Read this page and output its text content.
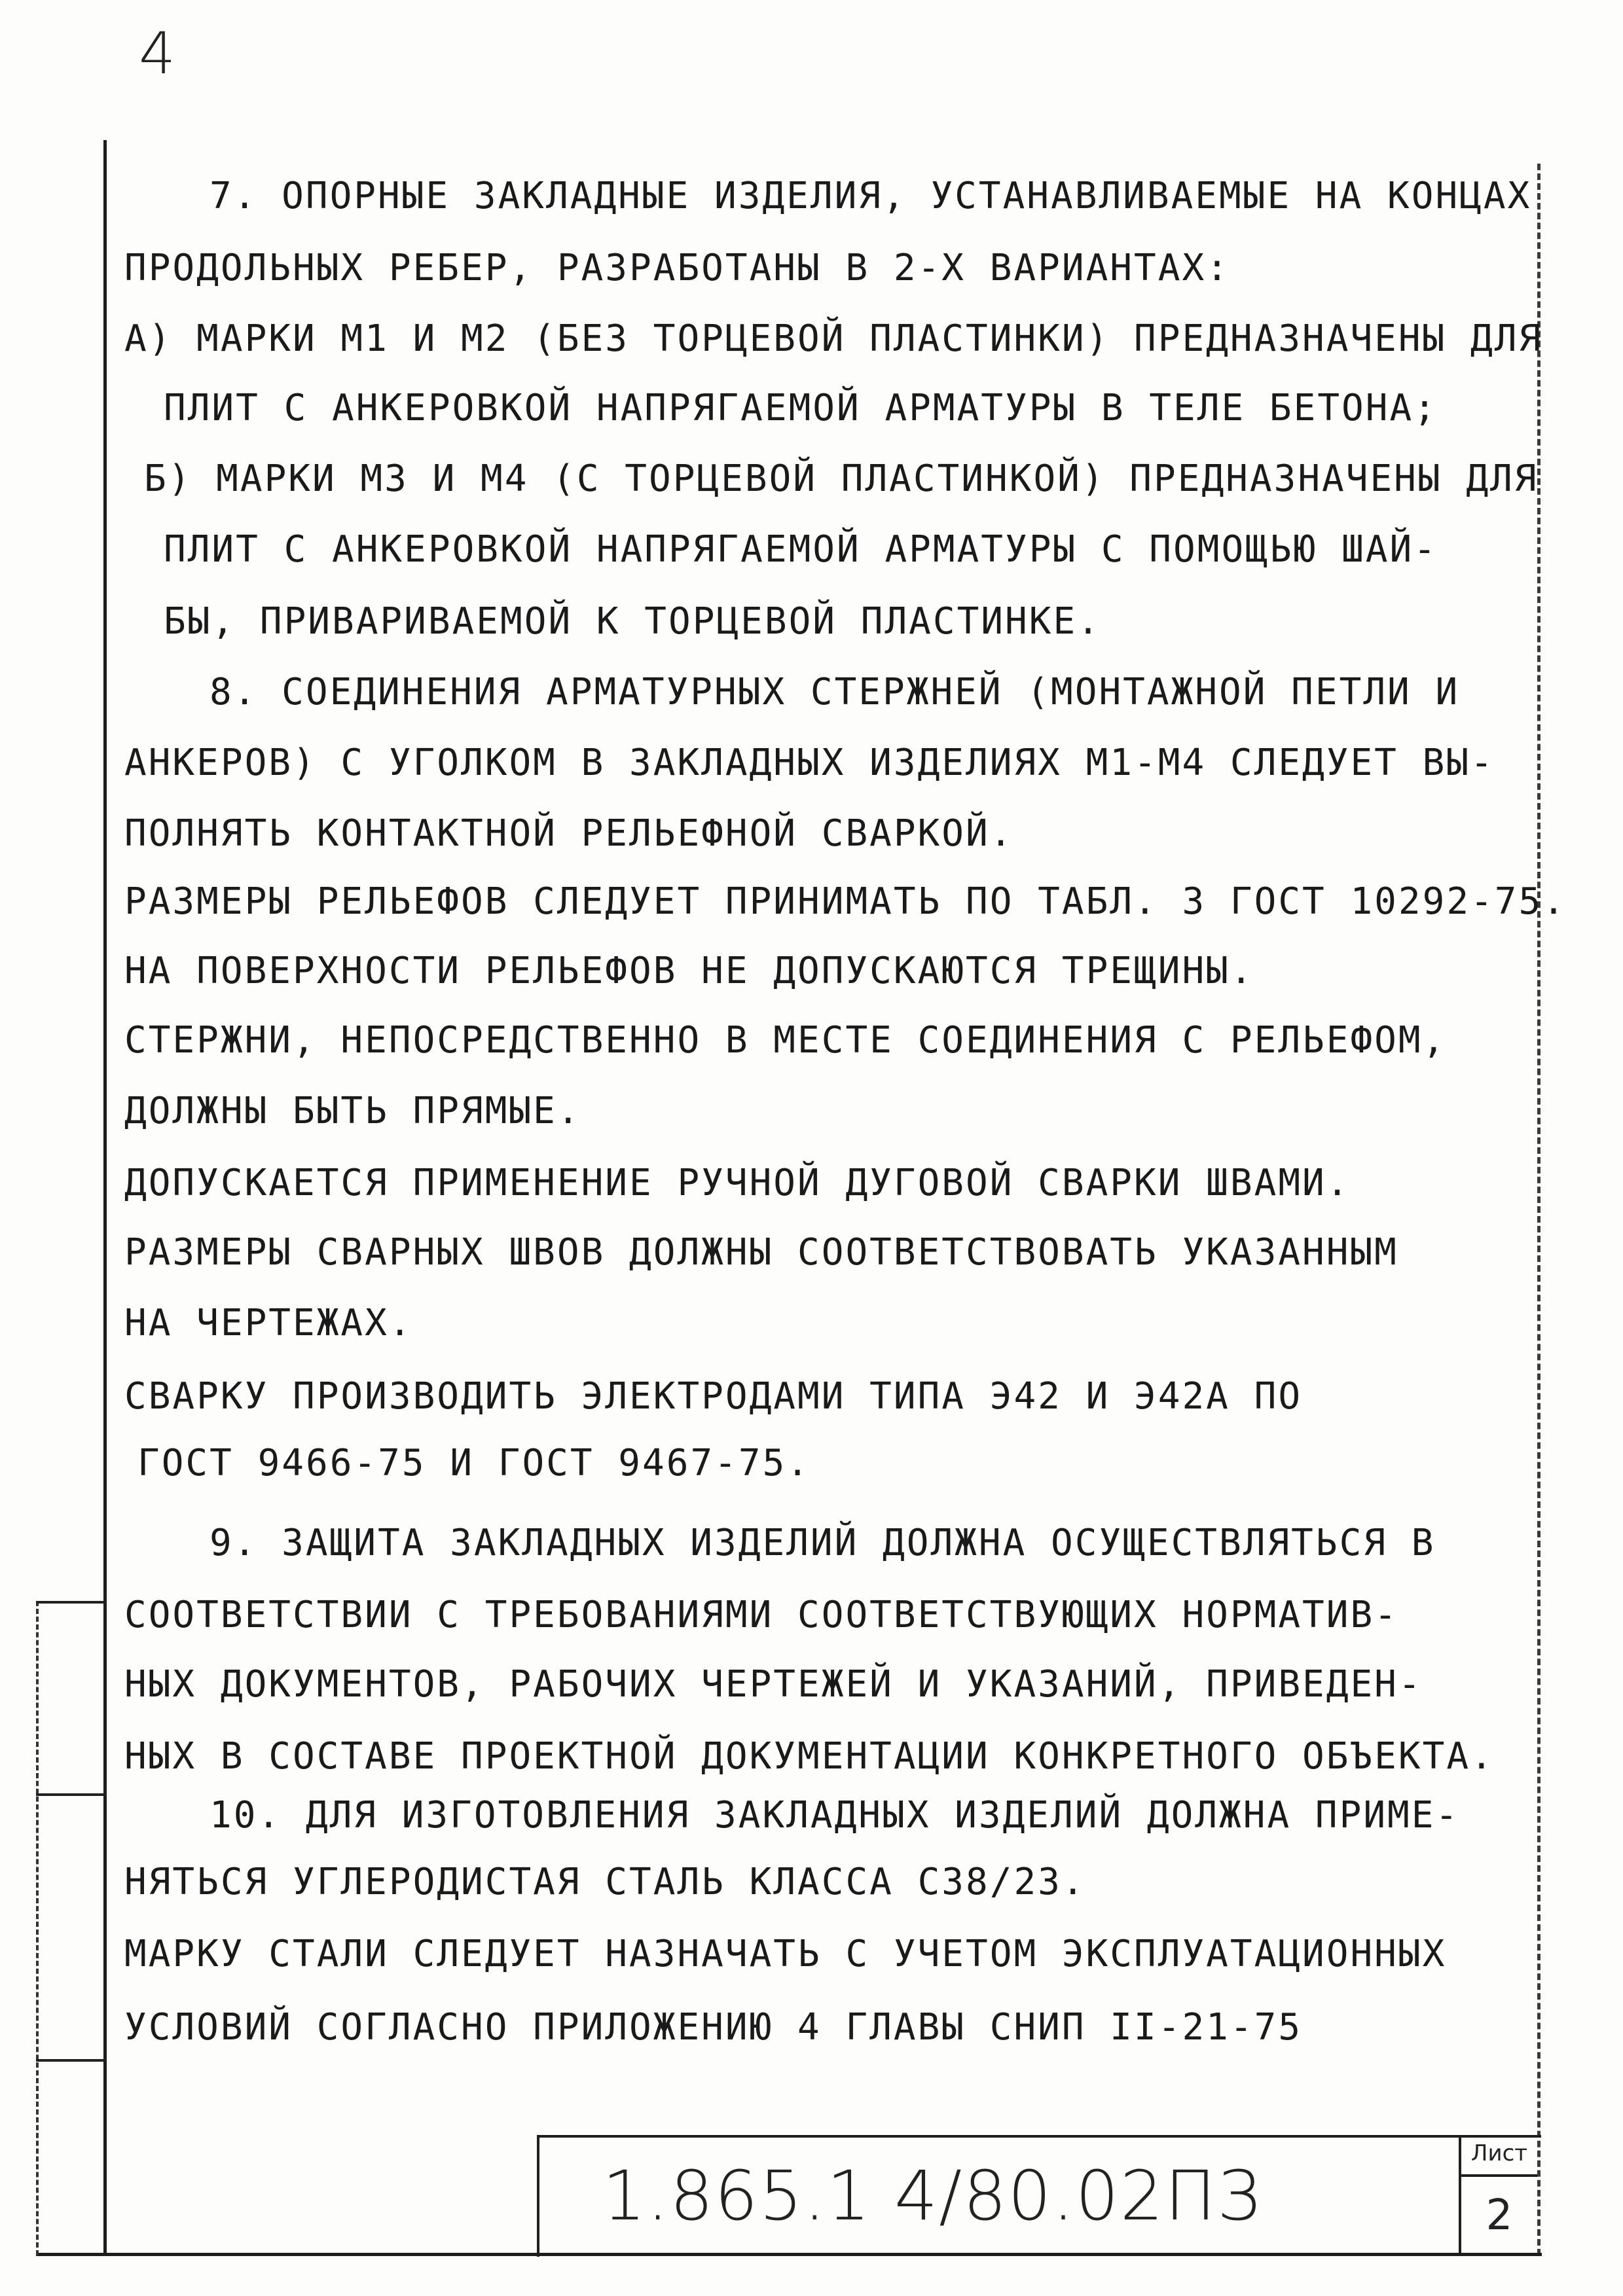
4
7. ОПОРНЫЕ ЗАКЛАДНЫЕ ИЗДЕЛИЯ, УСТАНАВЛИВАЕМЫЕ НА КОНЦАХ
ПРОДОЛЬНЫХ РЕБЕР, РАЗРАБОТАНЫ В 2-Х ВАРИАНТАХ:
А) МАРКИ М1 И М2 (БЕЗ ТОРЦЕВОЙ ПЛАСТИНКИ) ПРЕДНАЗНАЧЕНЫ ДЛЯ
ПЛИТ С АНКЕРОВКОЙ НАПРЯГАЕМОЙ АРМАТУРЫ В ТЕЛЕ БЕТОНА;
Б) МАРКИ М3 И М4 (С ТОРЦЕВОЙ ПЛАСТИНКОЙ) ПРЕДНАЗНАЧЕНЫ ДЛЯ
ПЛИТ С АНКЕРОВКОЙ НАПРЯГАЕМОЙ АРМАТУРЫ С ПОМОЩЬЮ ШАЙ-
БЫ, ПРИВАРИВАЕМОЙ К ТОРЦЕВОЙ ПЛАСТИНКЕ.
8. СОЕДИНЕНИЯ АРМАТУРНЫХ СТЕРЖНЕЙ (МОНТАЖНОЙ ПЕТЛИ И
АНКЕРОВ) С УГОЛКОМ В ЗАКЛАДНЫХ ИЗДЕЛИЯХ М1-М4 СЛЕДУЕТ ВЫ-
ПОЛНЯТЬ КОНТАКТНОЙ РЕЛЬЕФНОЙ СВАРКОЙ.
РАЗМЕРЫ РЕЛЬЕФОВ СЛЕДУЕТ ПРИНИМАТЬ ПО ТАБЛ. 3 ГОСТ 10292-75.
НА ПОВЕРХНОСТИ РЕЛЬЕФОВ НЕ ДОПУСКАЮТСЯ ТРЕЩИНЫ.
СТЕРЖНИ, НЕПОСРЕДСТВЕННО В МЕСТЕ СОЕДИНЕНИЯ С РЕЛЬЕФОМ,
ДОЛЖНЫ БЫТЬ ПРЯМЫЕ.
ДОПУСКАЕТСЯ ПРИМЕНЕНИЕ РУЧНОЙ ДУГОВОЙ СВАРКИ ШВАМИ.
РАЗМЕРЫ СВАРНЫХ ШВОВ ДОЛЖНЫ СООТВЕТСТВОВАТЬ УКАЗАННЫМ
НА ЧЕРТЕЖАХ.
СВАРКУ ПРОИЗВОДИТЬ ЭЛЕКТРОДАМИ ТИПА Э42 И Э42А ПО
ГОСТ 9466-75 И ГОСТ 9467-75.
9. ЗАЩИТА ЗАКЛАДНЫХ ИЗДЕЛИЙ ДОЛЖНА ОСУЩЕСТВЛЯТЬСЯ В
СООТВЕТСТВИИ С ТРЕБОВАНИЯМИ СООТВЕТСТВУЮЩИХ НОРМАТИВ-
НЫХ ДОКУМЕНТОВ, РАБОЧИХ ЧЕРТЕЖЕЙ И УКАЗАНИЙ, ПРИВЕДЕН-
НЫХ В СОСТАВЕ ПРОЕКТНОЙ ДОКУМЕНТАЦИИ КОНКРЕТНОГО ОБЪЕКТА.
10. ДЛЯ ИЗГОТОВЛЕНИЯ ЗАКЛАДНЫХ ИЗДЕЛИЙ ДОЛЖНА ПРИМЕ-
НЯТЬСЯ УГЛЕРОДИСТАЯ СТАЛЬ КЛАССА С38/23.
МАРКУ СТАЛИ СЛЕДУЕТ НАЗНАЧАТЬ С УЧЕТОМ ЭКСПЛУАТАЦИОННЫХ
УСЛОВИЙ СОГЛАСНО ПРИЛОЖЕНИЮ 4 ГЛАВЫ СНИП II-21-75
1.865.1 4/80.02ПЗ
Лист
2
